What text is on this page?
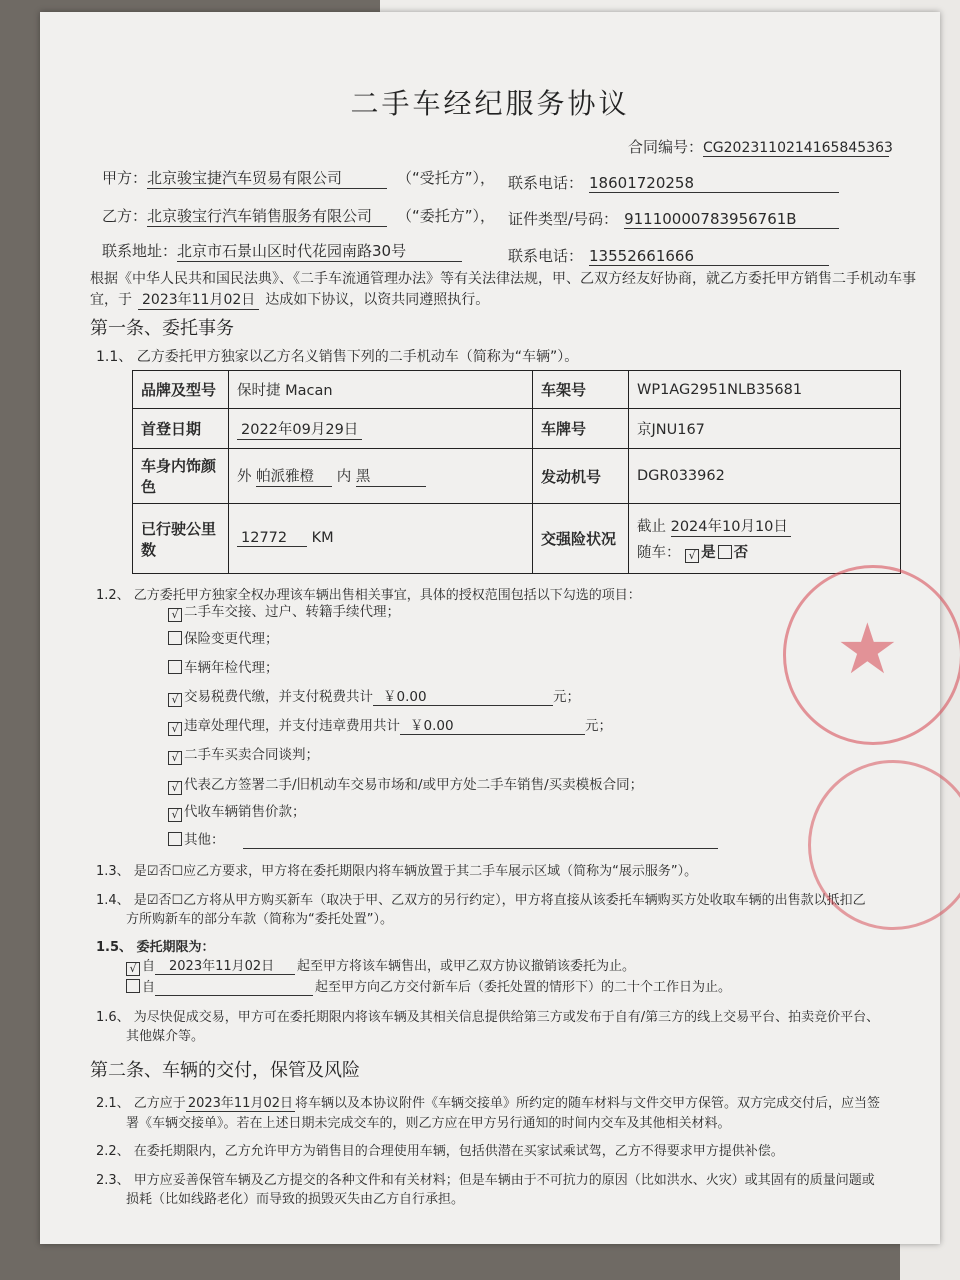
二手车经纪服务协议
合同编号：CG20231102141658453​63
甲方：北京骏宝捷汽车贸易有限公司	（“受托方”）， 联系电话： 18601720258
乙方：北京骏宝行汽车销售服务有限公司 （“委托方”）， 证件类型/号码： 91110000783956761B
联系地址：北京市石景山区时代花园南路30号	联系电话： 13552661666
根据《中华人民共和国民法典》、《二手车流通管理办法》等有关法律法规，甲、乙双方经友好协商，就乙方委托甲方销售二手机动车事
宜，于 2023年11月02日 达成如下协议，以资共同遵照执行。
第一条、委托事务
1.1、 乙方委托甲方独家以乙方名义销售下列的二手机动车（简称为“车辆”）。
品牌及型号	保时捷 Macan	车架号	WP1AG2951NLB35681
首登日期	2022年09月29日	车牌号	京JNU167
车身内饰颜色	外 帕派雅橙 内 黑	发动机号	DGR033962
已行驶公里数	12772 KM	交强险状况	截止 2024年10月10日
随车： √ 是 否
1.2、 乙方委托甲方独家全权办理该车辆出售相关事宜，具体的授权范围包括以下勾选的项目：
√ 二手车交接、过户、转籍手续代理；
保险变更代理；
车辆年检代理；
√ 交易税费代缴，并支付税费共计 ￥0.00	元；
√ 违章处理代理，并支付违章费用共计 ￥0.00	元；
√ 二手车买卖合同谈判；
√ 代表乙方签署二手/旧机动车交易市场和/或甲方处二手车销售/买卖模板合同；
√ 代收车辆销售价款；
其他：
1.3、 是☑否☐应乙方要求，甲方将在委托期限内将车辆放置于其二手车展示区域（简称为“展示服务”）。
1.4、 是☑否☐乙方将从甲方购买新车（取决于甲、乙双方的另行约定），甲方将直接从该委托车辆购买方处收取车辆的出售款以抵扣乙
方所购新车的部分车款（简称为“委托处置”）。
1.5、 委托期限为：
√ 自 2023年11月02日 起至甲方将该车辆售出，或甲乙双方协议撤销该委托为止。
自	起至甲方向乙方交付新车后（委托处置的情形下）的二十个工作日为止。
1.6、 为尽快促成交易，甲方可在委托期限内将该车辆及其相关信息提供给第三方或发布于自有/第三方的线上交易平台、拍卖竞价平台、
其他媒介等。
第二条、车辆的交付，保管及风险
2.1、 乙方应于 2023年11月02日 将车辆以及本协议附件《车辆交接单》所约定的随车材料与文件交甲方保管。双方完成交付后，应当签
署《车辆交接单》。若在上述日期未完成交车的，则乙方应在甲方另行通知的时间内交车及其他相关材料。
2.2、 在委托期限内，乙方允许甲方为销售目的合理使用车辆，包括供潜在买家试乘试驾，乙方不得要求甲方提供补偿。
2.3、 甲方应妥善保管车辆及乙方提交的各种文件和有关材料；但是车辆由于不可抗力的原因（比如洪水、火灾）或其固有的质量问题或
损耗（比如线路老化）而导致的损毁灭失由乙方自行承担。
★
